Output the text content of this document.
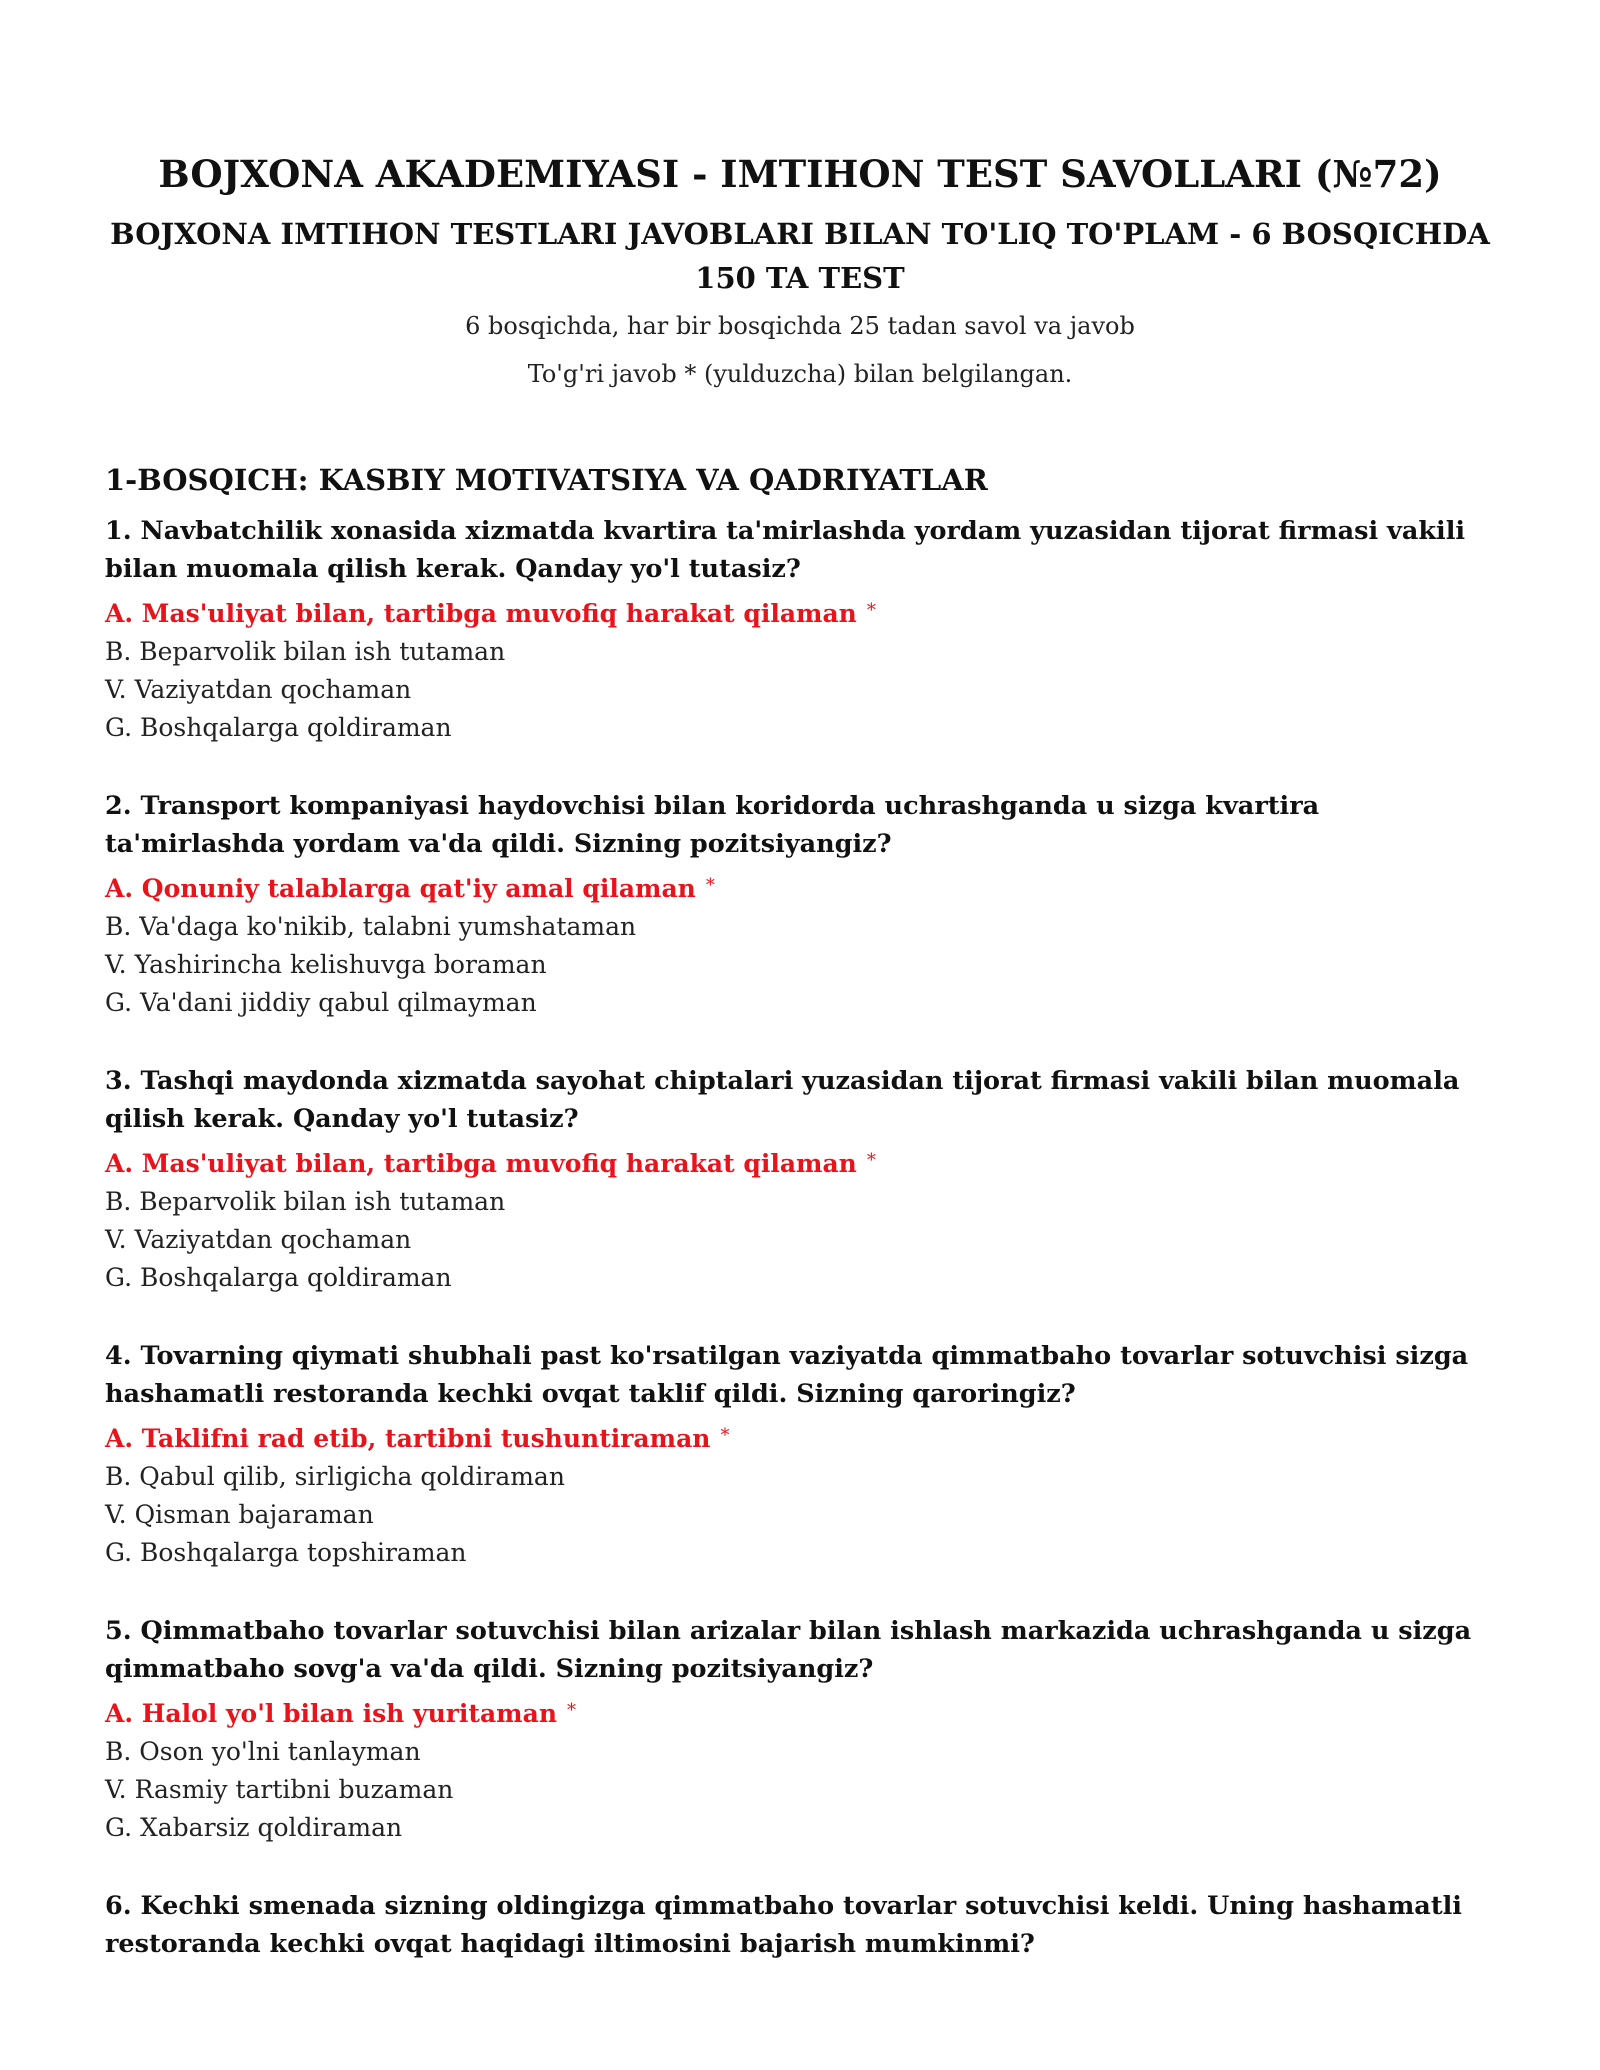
BOJXONA AKADEMIYASI - IMTIHON TEST SAVOLLARI (№72)
BOJXONA IMTIHON TESTLARI JAVOBLARI BILAN TO'LIQ TO'PLAM - 6 BOSQICHDA 150 TA TEST

6 bosqichda, har bir bosqichda 25 tadan savol va javob

To'g'ri javob * (yulduzcha) bilan belgilangan.

1-BOSQICH: KASBIY MOTIVATSIYA VA QADRIYATLAR

1. Navbatchilik xonasida xizmatda kvartira ta'mirlashda yordam yuzasidan tijorat firmasi vakili bilan muomala qilish kerak. Qanday yo'l tutasiz?

A. Mas'uliyat bilan, tartibga muvofiq harakat qilaman *

B. Beparvolik bilan ish tutaman

V. Vaziyatdan qochaman

G. Boshqalarga qoldiraman

2. Transport kompaniyasi haydovchisi bilan koridorda uchrashganda u sizga kvartira ta'mirlashda yordam va'da qildi. Sizning pozitsiyangiz?

A. Qonuniy talablarga qat'iy amal qilaman *

B. Va'daga ko'nikib, talabni yumshataman

V. Yashirincha kelishuvga boraman

G. Va'dani jiddiy qabul qilmayman

3. Tashqi maydonda xizmatda sayohat chiptalari yuzasidan tijorat firmasi vakili bilan muomala qilish kerak. Qanday yo'l tutasiz?

A. Mas'uliyat bilan, tartibga muvofiq harakat qilaman *

B. Beparvolik bilan ish tutaman

V. Vaziyatdan qochaman

G. Boshqalarga qoldiraman

4. Tovarning qiymati shubhali past ko'rsatilgan vaziyatda qimmatbaho tovarlar sotuvchisi sizga hashamatli restoranda kechki ovqat taklif qildi. Sizning qaroringiz?

A. Taklifni rad etib, tartibni tushuntiraman *

B. Qabul qilib, sirligicha qoldiraman

V. Qisman bajaraman

G. Boshqalarga topshiraman

5. Qimmatbaho tovarlar sotuvchisi bilan arizalar bilan ishlash markazida uchrashganda u sizga qimmatbaho sovg'a va'da qildi. Sizning pozitsiyangiz?

A. Halol yo'l bilan ish yuritaman *

B. Oson yo'lni tanlayman

V. Rasmiy tartibni buzaman

G. Xabarsiz qoldiraman

6. Kechki smenada sizning oldingizga qimmatbaho tovarlar sotuvchisi keldi. Uning hashamatli restoranda kechki ovqat haqidagi iltimosini bajarish mumkinmi?
